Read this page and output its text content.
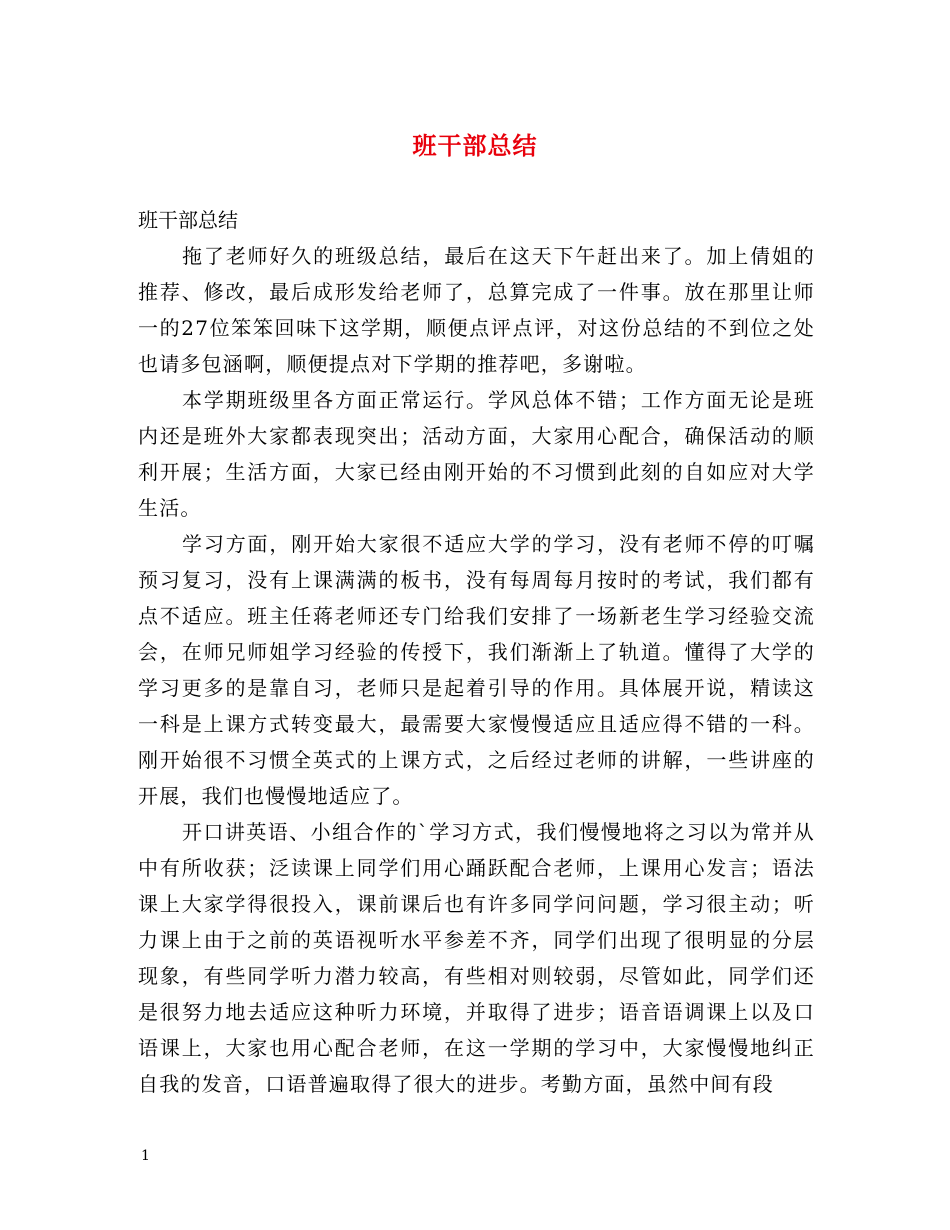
班干部总结

班干部总结

拖了老师好久的班级总结，最后在这天下午赶出来了。加上倩姐的推荐、修改，最后成形发给老师了，总算完成了一件事。放在那里让师一的27位笨笨回味下这学期，顺便点评点评，对这份总结的不到位之处也请多包涵啊，顺便提点对下学期的推荐吧，多谢啦。

本学期班级里各方面正常运行。学风总体不错；工作方面无论是班内还是班外大家都表现突出；活动方面，大家用心配合，确保活动的顺利开展；生活方面，大家已经由刚开始的不习惯到此刻的自如应对大学生活。

学习方面，刚开始大家很不适应大学的学习，没有老师不停的叮嘱预习复习，没有上课满满的板书，没有每周每月按时的考试，我们都有点不适应。班主任蒋老师还专门给我们安排了一场新老生学习经验交流会，在师兄师姐学习经验的传授下，我们渐渐上了轨道。懂得了大学的学习更多的是靠自习，老师只是起着引导的作用。具体展开说，精读这一科是上课方式转变最大，最需要大家慢慢适应且适应得不错的一科。刚开始很不习惯全英式的上课方式，之后经过老师的讲解，一些讲座的开展，我们也慢慢地适应了。

开口讲英语、小组合作的`学习方式，我们慢慢地将之习以为常并从中有所收获；泛读课上同学们用心踊跃配合老师，上课用心发言；语法课上大家学得很投入，课前课后也有许多同学问问题，学习很主动；听力课上由于之前的英语视听水平参差不齐，同学们出现了很明显的分层现象，有些同学听力潜力较高，有些相对则较弱，尽管如此，同学们还是很努力地去适应这种听力环境，并取得了进步；语音语调课上以及口语课上，大家也用心配合老师，在这一学期的学习中，大家慢慢地纠正自我的发音，口语普遍取得了很大的进步。考勤方面，虽然中间有段

1
